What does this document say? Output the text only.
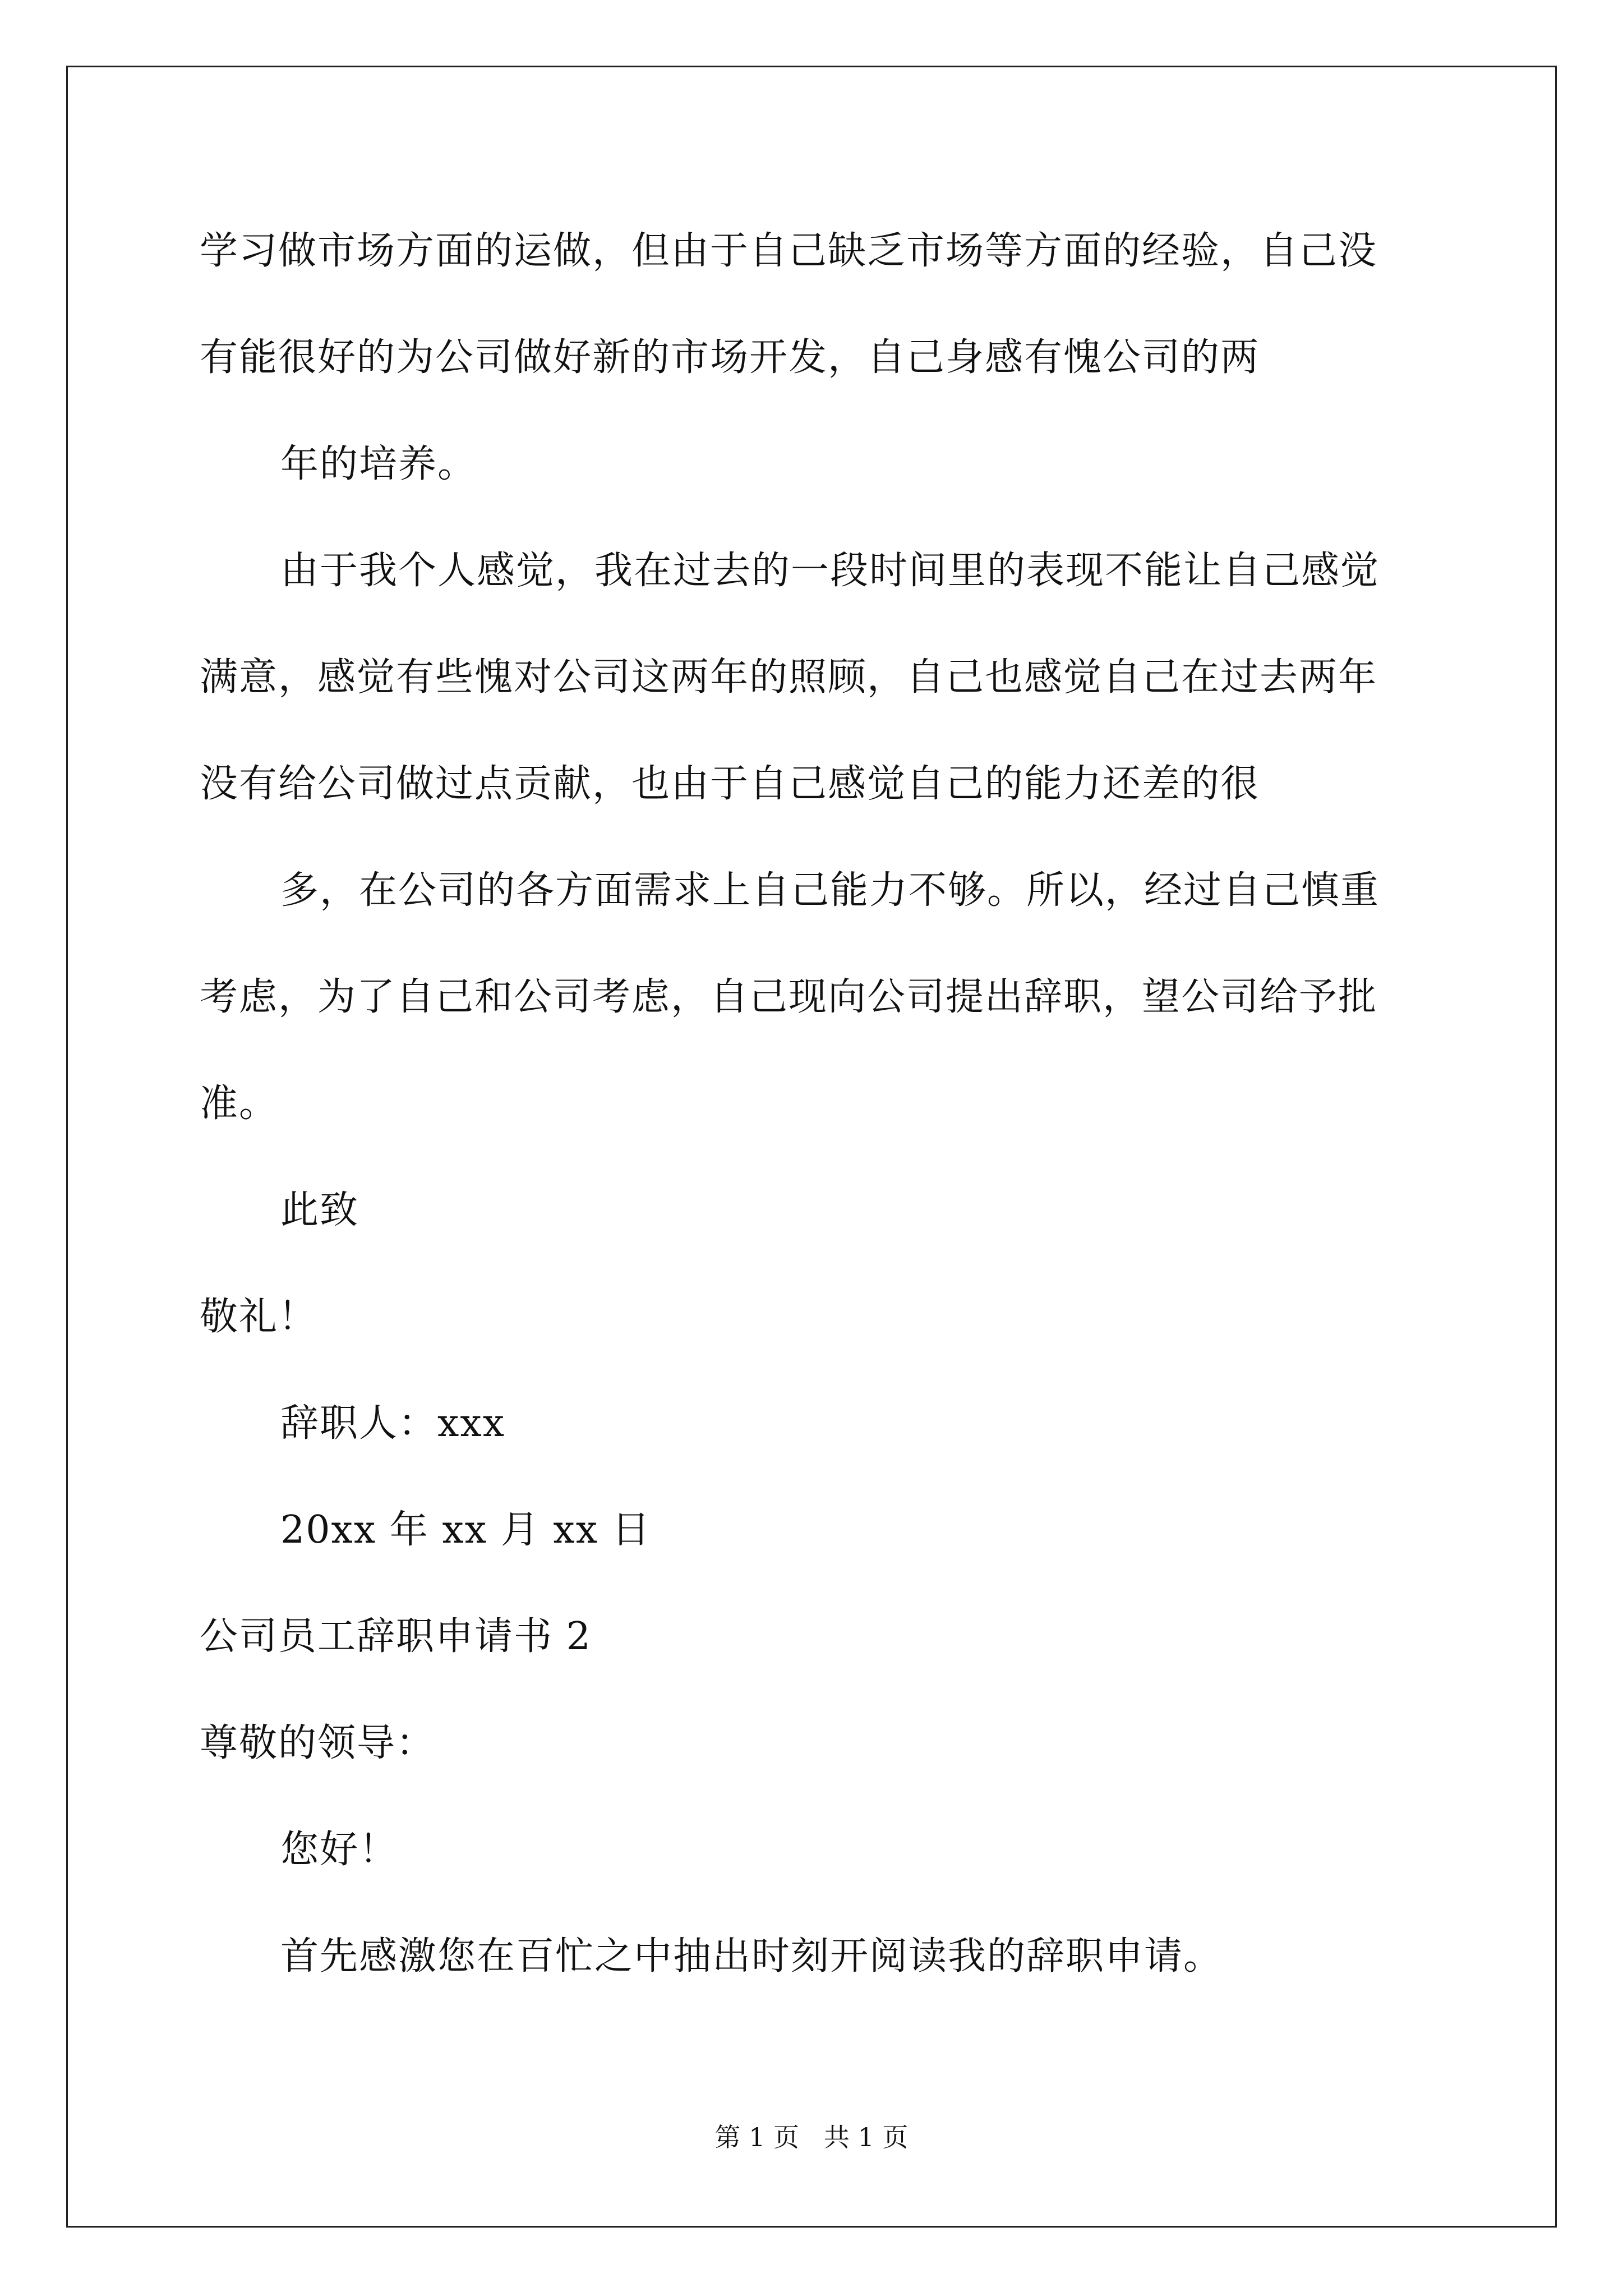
学习做市场方面的运做，但由于自己缺乏市场等方面的经验，自己没
有能很好的为公司做好新的市场开发，自己身感有愧公司的两
年的培养。
由于我个人感觉，我在过去的一段时间里的表现不能让自己感觉
满意，感觉有些愧对公司这两年的照顾，自己也感觉自己在过去两年
没有给公司做过点贡献，也由于自己感觉自己的能力还差的很
多，在公司的各方面需求上自己能力不够。所以，经过自己慎重
考虑，为了自己和公司考虑，自己现向公司提出辞职，望公司给予批
准。
此致
敬礼！
辞职人：xxx
20xx 年 xx 月 xx 日
公司员工辞职申请书 2
尊敬的领导：
您好！
首先感激您在百忙之中抽出时刻开阅读我的辞职申请。
第 1 页   共 1 页
